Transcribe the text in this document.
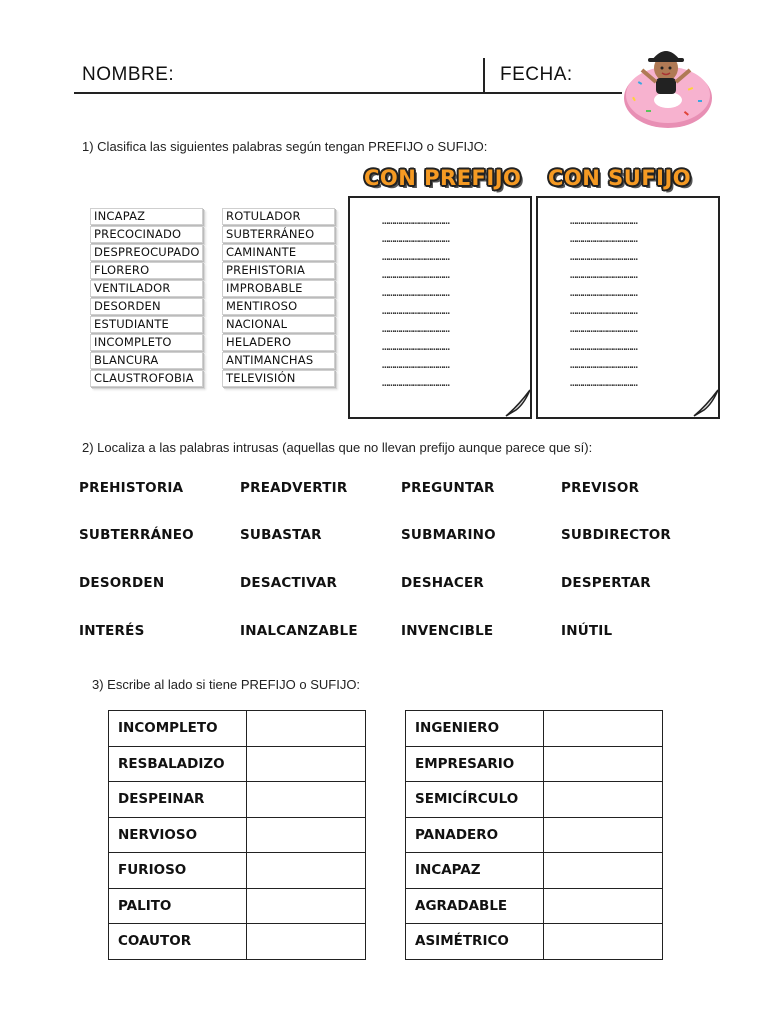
NOMBRE:	FECHA:
1) Clasifica las siguientes palabras según tengan PREFIJO o SUFIJO:
INCAPAZ
PRECOCINADO
DESPREOCUPADO
FLORERO
VENTILADOR
DESORDEN
ESTUDIANTE
INCOMPLETO
BLANCURA
CLAUSTROFOBIA
ROTULADOR
SUBTERRÁNEO
CAMINANTE
PREHISTORIA
IMPROBABLE
MENTIROSO
NACIONAL
HELADERO
ANTIMANCHAS
TELEVISIÓN
CON PREFIJO CON SUFIJO
……………………………
……………………………
……………………………
……………………………
……………………………
……………………………
……………………………
……………………………
……………………………
……………………………
……………………………
……………………………
……………………………
……………………………
……………………………
……………………………
……………………………
……………………………
……………………………
……………………………
2) Localiza a las palabras intrusas (aquellas que no llevan prefijo aunque parece que sí):
PREHISTORIA	PREADVERTIR	PREGUNTAR	PREVISOR
SUBTERRÁNEO	SUBASTAR	SUBMARINO	SUBDIRECTOR
DESORDEN	DESACTIVAR	DESHACER	DESPERTAR
INTERÉS	INALCANZABLE	INVENCIBLE	INÚTIL
3) Escribe al lado si tiene PREFIJO o SUFIJO:
INCOMPLETO	
RESBALADIZO	
DESPEINAR	
NERVIOSO	
FURIOSO	
PALITO	
COAUTOR	
INGENIERO	
EMPRESARIO	
SEMICÍRCULO	
PANADERO	
INCAPAZ	
AGRADABLE	
ASIMÉTRICO	
